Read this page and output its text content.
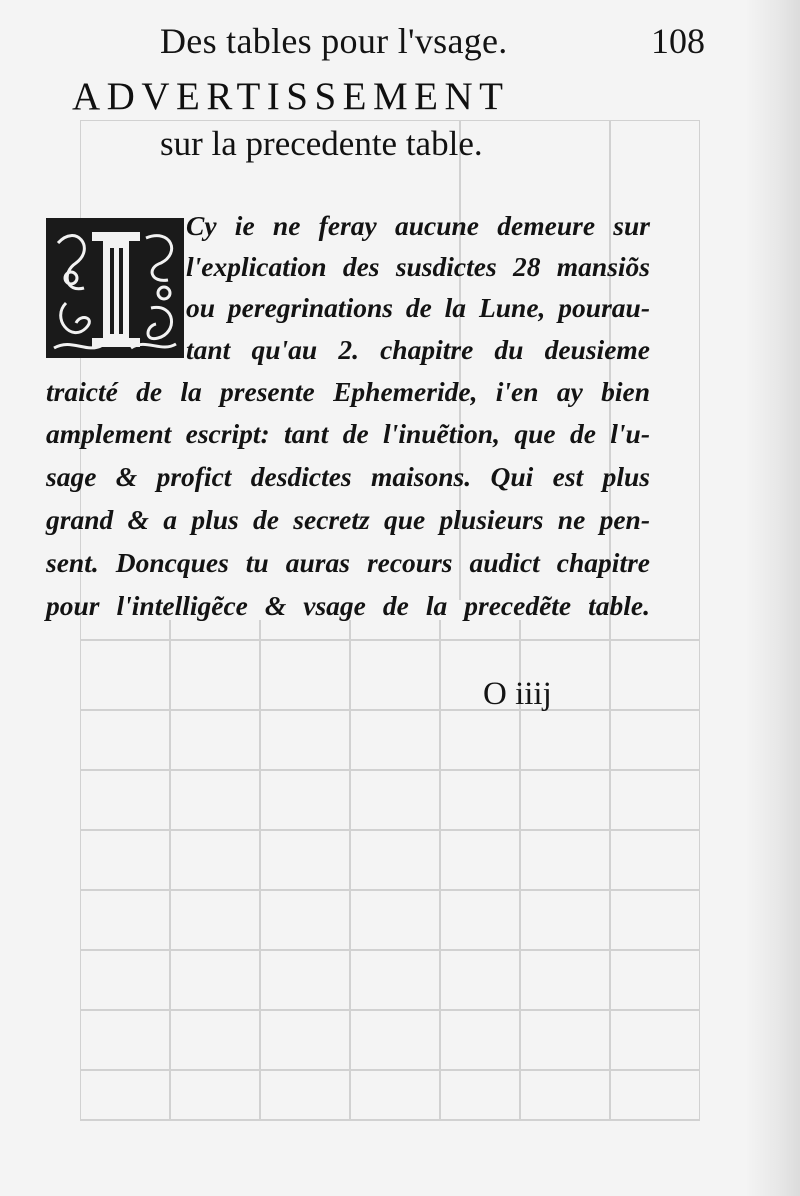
Des tables pour l'vsage.	108
ADVERTISSEMENT
sur la precedente table.
Cy ie ne feray aucune demeure sur
l'explication des susdictes 28 mansiõs
ou peregrinations de la Lune, pourau-
tant qu'au 2. chapitre du deusieme
traicté de la presente Ephemeride, i'en ay bien
amplement escript: tant de l'inuẽtion, que de l'u-
sage & profict desdictes maisons. Qui est plus
grand & a plus de secretz que plusieurs ne pen-
sent. Doncques tu auras recours audict chapitre
pour l'intelligẽce & vsage de la precedẽte table.
O iiij
